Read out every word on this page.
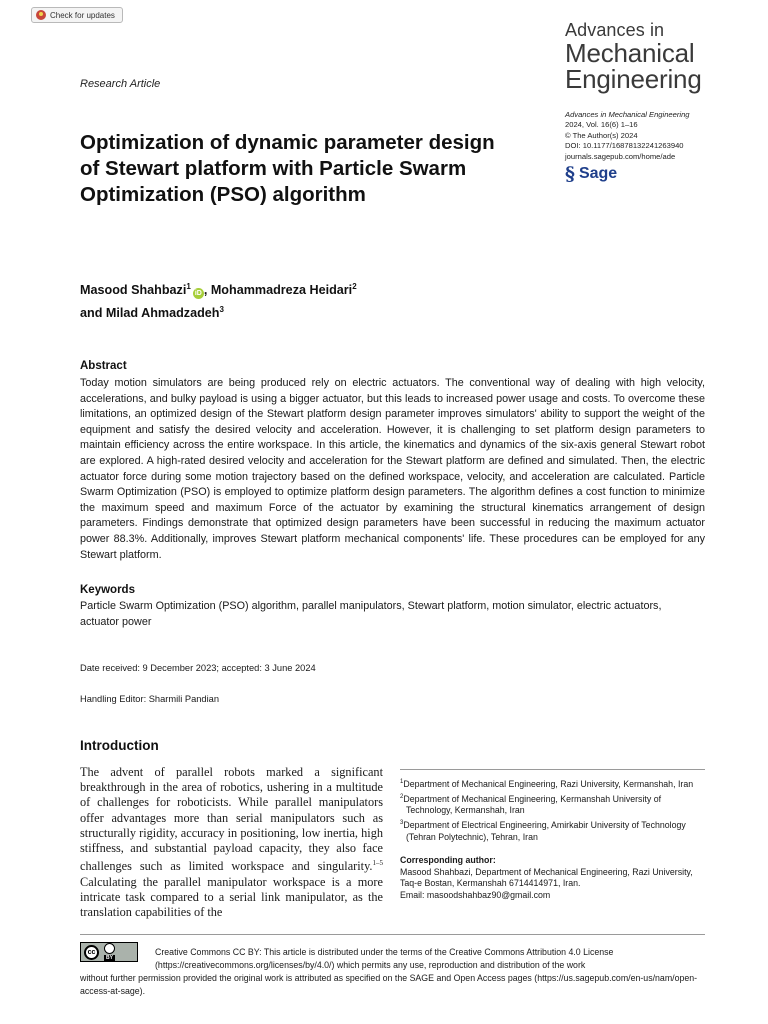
Check for updates
Advances in
Mechanical
Engineering
Research Article
Advances in Mechanical Engineering
2024, Vol. 16(6) 1–16
© The Author(s) 2024
DOI: 10.1177/16878132241263940
journals.sagepub.com/home/ade
§ Sage
Optimization of dynamic parameter design of Stewart platform with Particle Swarm Optimization (PSO) algorithm
Masood Shahbazi$^1$iD , Mohammadreza Heidari$^2$
and Milad Ahmadzadeh$^3$
Abstract

Today motion simulators are being produced rely on electric actuators. The conventional way of dealing with high velocity, accelerations, and bulky payload is using a bigger actuator, but this leads to increased power usage and costs. To overcome these limitations, an optimized design of the Stewart platform design parameter improves simulators' ability to support the weight of the equipment and satisfy the desired velocity and acceleration. However, it is challenging to set platform design parameters to maintain efficiency across the entire workspace. In this article, the kinematics and dynamics of the six-axis general Stewart robot are explored. A high-rated desired velocity and acceleration for the Stewart platform are defined and simulated. Then, the electric actuator force during some motion trajectory based on the defined workspace, velocity, and acceleration are calculated. Particle Swarm Optimization (PSO) is employed to optimize platform design parameters. The algorithm defines a cost function to minimize the maximum speed and maximum Force of the actuator by examining the structural kinematics arrangement of design parameters. Findings demonstrate that optimized design parameters have been successful in reducing the maximum actuator power 88.3%. Additionally, improves Stewart platform mechanical components' life. These procedures can be employed for any Stewart platform.

Keywords

Particle Swarm Optimization (PSO) algorithm, parallel manipulators, Stewart platform, motion simulator, electric actuators, actuator power

Date received: 9 December 2023; accepted: 3 June 2024
Handling Editor: Sharmili Pandian
Introduction

The advent of parallel robots marked a significant breakthrough in the area of robotics, ushering in a multitude of challenges for roboticists. While parallel manipulators offer advantages more than serial manipulators such as structurally rigidity, accuracy in positioning, low inertia, high stiffness, and substantial payload capacity, they also face challenges such as limited workspace and singularity.$^{1-5}$ Calculating the parallel manipulator workspace is a more intricate task compared to a serial link manipulator, as the translation capabilities of the

$^1$Department of Mechanical Engineering, Razi University, Kermanshah, Iran
$^2$Department of Mechanical Engineering, Kermanshah University of Technology, Kermanshah, Iran
$^3$Department of Electrical Engineering, Amirkabir University of Technology (Tehran Polytechnic), Tehran, Iran
Corresponding author:
Masood Shahbazi, Department of Mechanical Engineering, Razi University, Taq-e Bostan, Kermanshah 6714414971, Iran.
Email: masoodshahbaz90@gmail.com
cc
BY

Creative Commons CC BY: This article is distributed under the terms of the Creative Commons Attribution 4.0 License (https://creativecommons.org/licenses/by/4.0/) which permits any use, reproduction and distribution of the work

without further permission provided the original work is attributed as specified on the SAGE and Open Access pages (https://us.sagepub.com/en-us/nam/open-access-at-sage).
